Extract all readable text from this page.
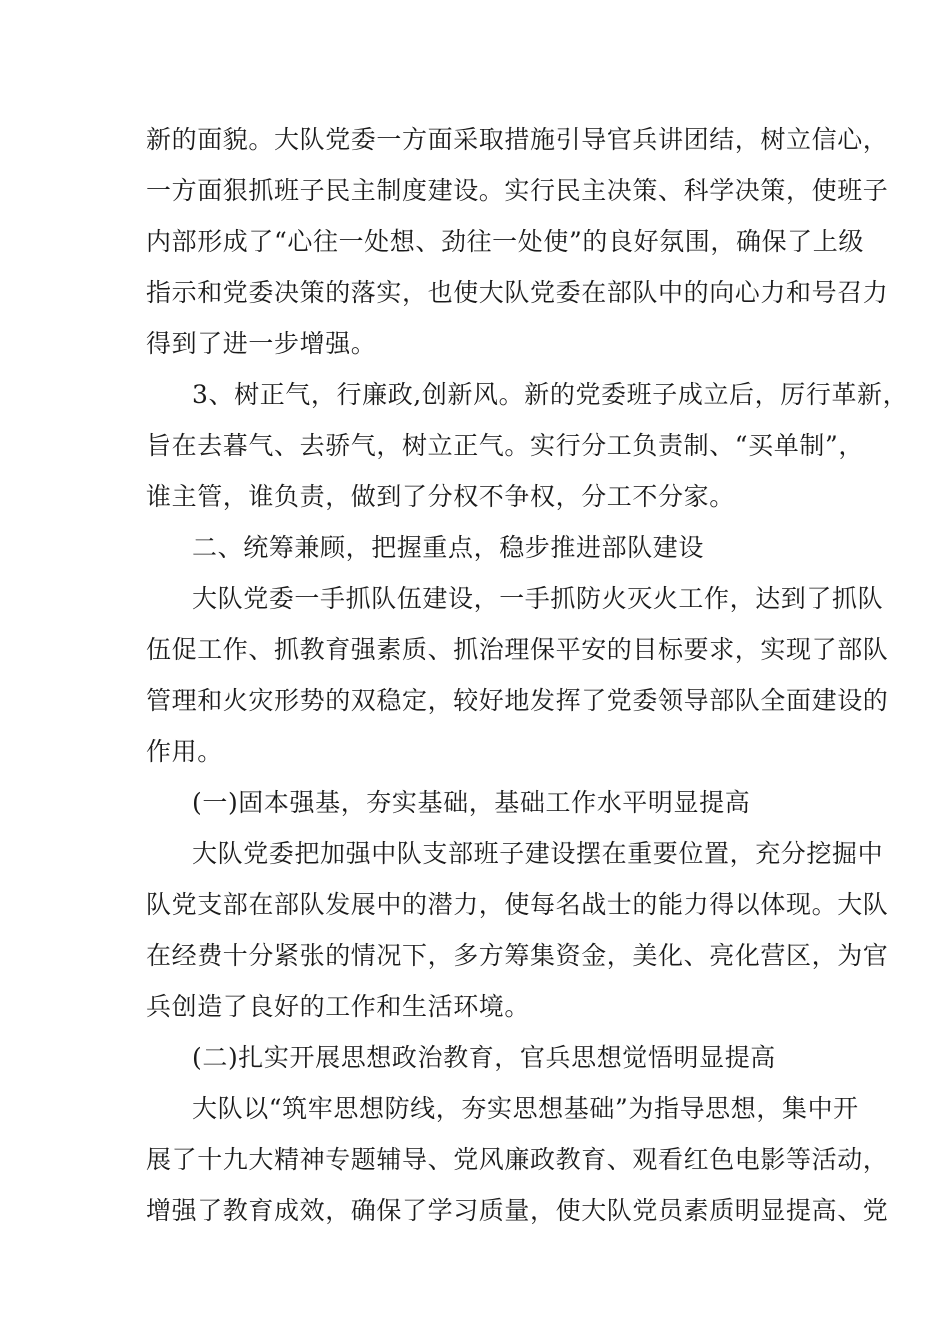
新的面貌。大队党委一方面采取措施引导官兵讲团结，树立信心，

一方面狠抓班子民主制度建设。实行民主决策、科学决策，使班子

内部形成了“心往一处想、劲往一处使”的良好氛围，确保了上级

指示和党委决策的落实，也使大队党委在部队中的向心力和号召力

得到了进一步增强。

3、树正气，行廉政,创新风。新的党委班子成立后，厉行革新，

旨在去暮气、去骄气，树立正气。实行分工负责制、“买单制”，

谁主管，谁负责，做到了分权不争权，分工不分家。

二、统筹兼顾，把握重点，稳步推进部队建设

大队党委一手抓队伍建设，一手抓防火灭火工作，达到了抓队

伍促工作、抓教育强素质、抓治理保平安的目标要求，实现了部队

管理和火灾形势的双稳定，较好地发挥了党委领导部队全面建设的

作用。

(一)固本强基，夯实基础，基础工作水平明显提高

大队党委把加强中队支部班子建设摆在重要位置，充分挖掘中

队党支部在部队发展中的潜力，使每名战士的能力得以体现。大队

在经费十分紧张的情况下，多方筹集资金，美化、亮化营区，为官

兵创造了良好的工作和生活环境。

(二)扎实开展思想政治教育，官兵思想觉悟明显提高

大队以“筑牢思想防线，夯实思想基础”为指导思想，集中开

展了十九大精神专题辅导、党风廉政教育、观看红色电影等活动，

增强了教育成效，确保了学习质量，使大队党员素质明显提高、党
